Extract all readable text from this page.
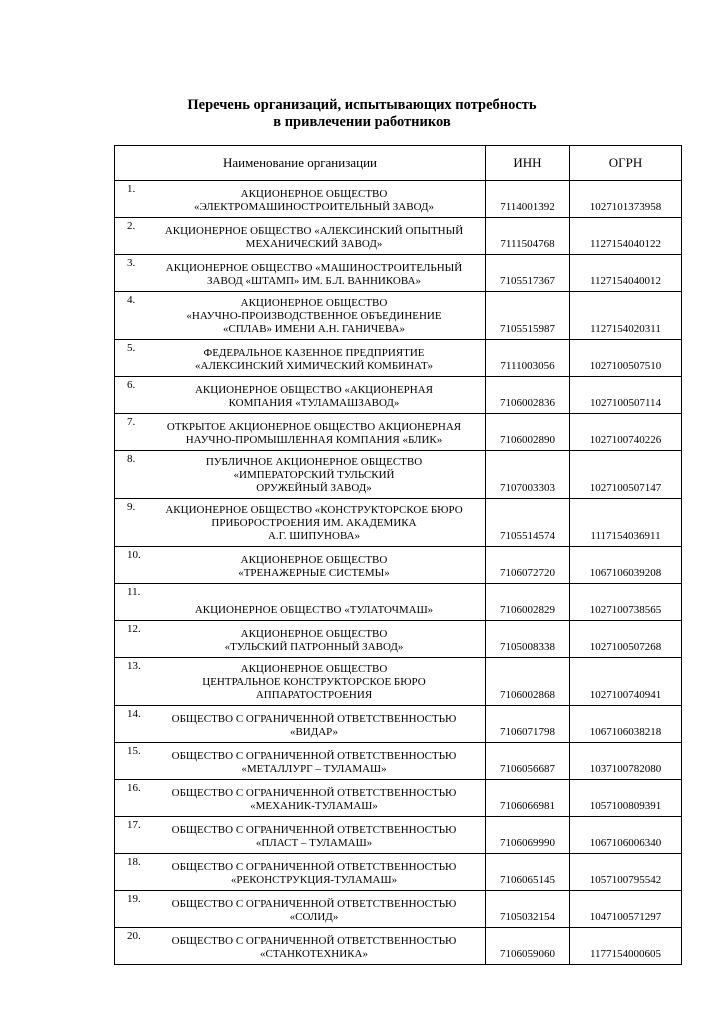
Перечень организаций, испытывающих потребность
в привлечении работников
Наименование организации	ИНН	ОГРН

1. АКЦИОНЕРНОЕ ОБЩЕСТВО
«ЭЛЕКТРОМАШИНОСТРОИТЕЛЬНЫЙ ЗАВОД»	7114001392	1027101373958

2. АКЦИОНЕРНОЕ ОБЩЕСТВО «АЛЕКСИНСКИЙ ОПЫТНЫЙ
МЕХАНИЧЕСКИЙ ЗАВОД»	7111504768	1127154040122

3. АКЦИОНЕРНОЕ ОБЩЕСТВО «МАШИНОСТРОИТЕЛЬНЫЙ
ЗАВОД «ШТАМП» ИМ. Б.Л. ВАННИКОВА»	7105517367	1127154040012

4. АКЦИОНЕРНОЕ ОБЩЕСТВО
«НАУЧНО-ПРОИЗВОДСТВЕННОЕ ОБЪЕДИНЕНИЕ
«СПЛАВ» ИМЕНИ А.Н. ГАНИЧЕВА»	7105515987	1127154020311

5. ФЕДЕРАЛЬНОЕ КАЗЕННОЕ ПРЕДПРИЯТИЕ
«АЛЕКСИНСКИЙ ХИМИЧЕСКИЙ КОМБИНАТ»	7111003056	1027100507510

6. АКЦИОНЕРНОЕ ОБЩЕСТВО «АКЦИОНЕРНАЯ
КОМПАНИЯ «ТУЛАМАШЗАВОД»	7106002836	1027100507114

7. ОТКРЫТОЕ АКЦИОНЕРНОЕ ОБЩЕСТВО АКЦИОНЕРНАЯ
НАУЧНО-ПРОМЫШЛЕННАЯ КОМПАНИЯ «БЛИК»	7106002890	1027100740226

8. ПУБЛИЧНОЕ АКЦИОНЕРНОЕ ОБЩЕСТВО
«ИМПЕРАТОРСКИЙ ТУЛЬСКИЙ
ОРУЖЕЙНЫЙ ЗАВОД»	7107003303	1027100507147

9. АКЦИОНЕРНОЕ ОБЩЕСТВО «КОНСТРУКТОРСКОЕ БЮРО
ПРИБОРОСТРОЕНИЯ ИМ. АКАДЕМИКА
А.Г. ШИПУНОВА»	7105514574	1117154036911

10. АКЦИОНЕРНОЕ ОБЩЕСТВО
«ТРЕНАЖЕРНЫЕ СИСТЕМЫ»	7106072720	1067106039208

11.

АКЦИОНЕРНОЕ ОБЩЕСТВО «ТУЛАТОЧМАШ»	7106002829	1027100738565

12. АКЦИОНЕРНОЕ ОБЩЕСТВО
«ТУЛЬСКИЙ ПАТРОННЫЙ ЗАВОД»	7105008338	1027100507268

13. АКЦИОНЕРНОЕ ОБЩЕСТВО
ЦЕНТРАЛЬНОЕ КОНСТРУКТОРСКОЕ БЮРО
АППАРАТОСТРОЕНИЯ	7106002868	1027100740941

14. ОБЩЕСТВО С ОГРАНИЧЕННОЙ ОТВЕТСТВЕННОСТЬЮ
«ВИДАР»	7106071798	1067106038218

15. ОБЩЕСТВО С ОГРАНИЧЕННОЙ ОТВЕТСТВЕННОСТЬЮ
«МЕТАЛЛУРГ – ТУЛАМАШ»	7106056687	1037100782080

16. ОБЩЕСТВО С ОГРАНИЧЕННОЙ ОТВЕТСТВЕННОСТЬЮ
«МЕХАНИК-ТУЛАМАШ»	7106066981	1057100809391

17. ОБЩЕСТВО С ОГРАНИЧЕННОЙ ОТВЕТСТВЕННОСТЬЮ
«ПЛАСТ – ТУЛАМАШ»	7106069990	1067106006340

18. ОБЩЕСТВО С ОГРАНИЧЕННОЙ ОТВЕТСТВЕННОСТЬЮ
«РЕКОНСТРУКЦИЯ-ТУЛАМАШ»	7106065145	1057100795542

19. ОБЩЕСТВО С ОГРАНИЧЕННОЙ ОТВЕТСТВЕННОСТЬЮ
«СОЛИД»	7105032154	1047100571297

20. ОБЩЕСТВО С ОГРАНИЧЕННОЙ ОТВЕТСТВЕННОСТЬЮ
«СТАНКОТЕХНИКА»	7106059060	1177154000605
